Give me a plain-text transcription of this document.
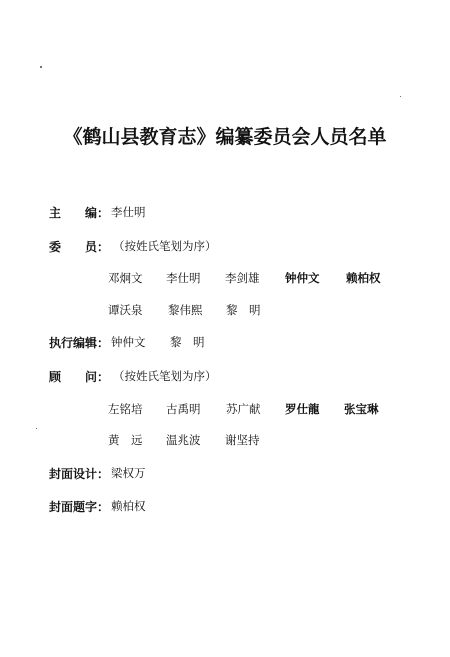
《鹤山县教育志》编纂委员会人员名单
主　　编： 李仕明
委　　员： （按姓氏笔划为序）
邓炯文 李仕明 李剑雄 钟仲文 赖柏权
谭沃泉 黎伟熙 黎　明
执行编辑： 钟仲文 黎　明
顾　　问： （按姓氏笔划为序）
左铭培 古禹明 苏广献 罗仕龍 张宝琳
黄　远 温兆波 谢坚持
封面设计： 梁权万
封面题字： 赖柏权
